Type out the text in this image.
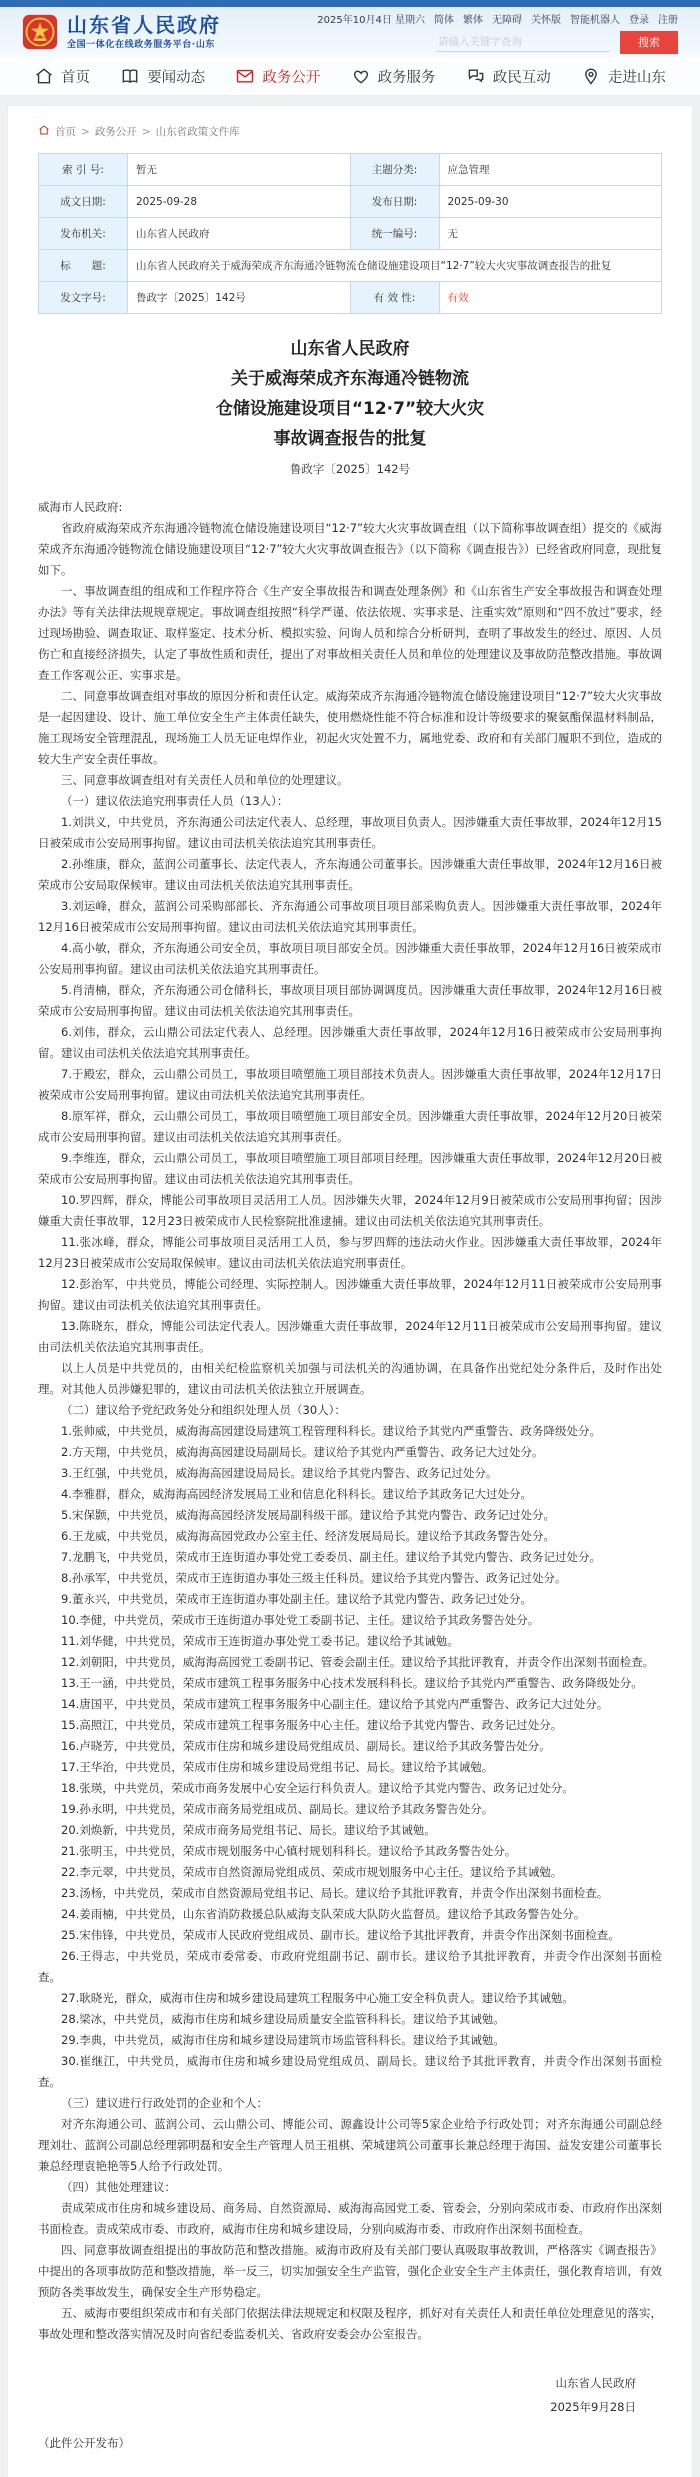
山东省人民政府
全国一体化在线政务服务平台·山东
2025年10月4日 星期六 简体 繁体 无障碍 关怀版 智能机器人 登录 注册
请输入关键字查询
搜索
首页	要闻动态	政务公开	政务服务	政民互动	走进山东
首页 > 政务公开 > 山东省政策文件库
索 引 号:	暂无	主题分类:	应急管理
成文日期:	2025-09-28	发布日期:	2025-09-30
发布机关:	山东省人民政府	统一编号:	无
标　　题:	山东省人民政府关于威海荣成齐东海通冷链物流仓储设施建设项目“12·7”较大火灾事故调查报告的批复		
发文字号:	鲁政字〔2025〕142号	有 效 性:	有效
山东省人民政府
关于威海荣成齐东海通冷链物流
仓储设施建设项目“12·7”较大火灾
事故调查报告的批复
鲁政字〔2025〕142号

威海市人民政府:

省政府威海荣成齐东海通冷链物流仓储设施建设项目“12·7”较大火灾事故调查组（以下简称事故调查组）提交的《威海荣成齐东海通冷链物流仓储设施建设项目“12·7”较大火灾事故调查报告》（以下简称《调查报告》）已经省政府同意，现批复如下。

一、事故调查组的组成和工作程序符合《生产安全事故报告和调查处理条例》和《山东省生产安全事故报告和调查处理办法》等有关法律法规规章规定。事故调查组按照“科学严谨、依法依规、实事求是、注重实效”原则和“四不放过”要求，经过现场勘验、调查取证、取样鉴定、技术分析、模拟实验、问询人员和综合分析研判，查明了事故发生的经过、原因、人员伤亡和直接经济损失，认定了事故性质和责任，提出了对事故相关责任人员和单位的处理建议及事故防范整改措施。事故调查工作客观公正、实事求是。

二、同意事故调查组对事故的原因分析和责任认定。威海荣成齐东海通冷链物流仓储设施建设项目“12·7”较大火灾事故是一起因建设、设计、施工单位安全生产主体责任缺失，使用燃烧性能不符合标准和设计等级要求的聚氨酯保温材料制品，施工现场安全管理混乱，现场施工人员无证电焊作业，初起火灾处置不力，属地党委、政府和有关部门履职不到位，造成的较大生产安全责任事故。

三、同意事故调查组对有关责任人员和单位的处理建议。

（一）建议依法追究刑事责任人员（13人）：

1.刘洪义，中共党员，齐东海通公司法定代表人、总经理，事故项目负责人。因涉嫌重大责任事故罪，2024年12月15日被荣成市公安局刑事拘留。建议由司法机关依法追究其刑事责任。

2.孙维康，群众，蓝润公司董事长、法定代表人，齐东海通公司董事长。因涉嫌重大责任事故罪，2024年12月16日被荣成市公安局取保候审。建议由司法机关依法追究其刑事责任。

3.刘运峰，群众，蓝润公司采购部部长、齐东海通公司事故项目项目部采购负责人。因涉嫌重大责任事故罪，2024年12月16日被荣成市公安局刑事拘留。建议由司法机关依法追究其刑事责任。

4.高小敏，群众，齐东海通公司安全员，事故项目项目部安全员。因涉嫌重大责任事故罪，2024年12月16日被荣成市公安局刑事拘留。建议由司法机关依法追究其刑事责任。

5.肖清楠，群众，齐东海通公司仓储科长，事故项目项目部协调调度员。因涉嫌重大责任事故罪，2024年12月16日被荣成市公安局刑事拘留。建议由司法机关依法追究其刑事责任。

6.刘伟，群众，云山鼎公司法定代表人、总经理。因涉嫌重大责任事故罪，2024年12月16日被荣成市公安局刑事拘留。建议由司法机关依法追究其刑事责任。

7.于殿宏，群众，云山鼎公司员工，事故项目喷塑施工项目部技术负责人。因涉嫌重大责任事故罪，2024年12月17日被荣成市公安局刑事拘留。建议由司法机关依法追究其刑事责任。

8.原军祥，群众，云山鼎公司员工，事故项目喷塑施工项目部安全员。因涉嫌重大责任事故罪，2024年12月20日被荣成市公安局刑事拘留。建议由司法机关依法追究其刑事责任。

9.李维连，群众，云山鼎公司员工，事故项目喷塑施工项目部项目经理。因涉嫌重大责任事故罪，2024年12月20日被荣成市公安局刑事拘留。建议由司法机关依法追究其刑事责任。

10.罗四辉，群众，博能公司事故项目灵活用工人员。因涉嫌失火罪，2024年12月9日被荣成市公安局刑事拘留；因涉嫌重大责任事故罪，12月23日被荣成市人民检察院批准逮捕。建议由司法机关依法追究其刑事责任。

11.张冰峰，群众，博能公司事故项目灵活用工人员，参与罗四辉的违法动火作业。因涉嫌重大责任事故罪，2024年12月23日被荣成市公安局取保候审。建议由司法机关依法追究刑事责任。

12.彭治军，中共党员，博能公司经理、实际控制人。因涉嫌重大责任事故罪，2024年12月11日被荣成市公安局刑事拘留。建议由司法机关依法追究其刑事责任。

13.陈晓东，群众，博能公司法定代表人。因涉嫌重大责任事故罪，2024年12月11日被荣成市公安局刑事拘留。建议由司法机关依法追究其刑事责任。

以上人员是中共党员的，由相关纪检监察机关加强与司法机关的沟通协调，在具备作出党纪处分条件后，及时作出处理。对其他人员涉嫌犯罪的，建议由司法机关依法独立开展调查。

（二）建议给予党纪政务处分和组织处理人员（30人）：

1.张帅威，中共党员，威海海高园建设局建筑工程管理科科长。建议给予其党内严重警告、政务降级处分。

2.方天翔，中共党员，威海海高园建设局副局长。建议给予其党内严重警告、政务记大过处分。

3.王红强，中共党员，威海海高园建设局局长。建议给予其党内警告、政务记过处分。

4.李雅群，群众，威海海高园经济发展局工业和信息化科科长。建议给予其政务记大过处分。

5.宋保颢，中共党员，威海海高园经济发展局副科级干部。建议给予其党内警告、政务记过处分。

6.王龙威，中共党员，威海海高园党政办公室主任、经济发展局局长。建议给予其政务警告处分。

7.龙鹏飞，中共党员，荣成市王连街道办事处党工委委员、副主任。建议给予其党内警告、政务记过处分。

8.孙承军，中共党员，荣成市王连街道办事处三级主任科员。建议给予其党内警告、政务记过处分。

9.董永兴，中共党员，荣成市王连街道办事处副主任。建议给予其党内警告、政务记过处分。

10.李健，中共党员，荣成市王连街道办事处党工委副书记、主任。建议给予其政务警告处分。

11.刘华健，中共党员，荣成市王连街道办事处党工委书记。建议给予其诫勉。

12.刘朝阳，中共党员，威海海高园党工委副书记、管委会副主任。建议给予其批评教育，并责令作出深刻书面检查。

13.王一涵，中共党员，荣成市建筑工程事务服务中心技术发展科科长。建议给予其党内严重警告、政务降级处分。

14.唐国平，中共党员，荣成市建筑工程事务服务中心副主任。建议给予其党内严重警告、政务记大过处分。

15.高照江，中共党员，荣成市建筑工程事务服务中心主任。建议给予其党内警告、政务记过处分。

16.卢晓芳，中共党员，荣成市住房和城乡建设局党组成员、副局长。建议给予其政务警告处分。

17.王华治，中共党员，荣成市住房和城乡建设局党组书记、局长。建议给予其诫勉。

18.张瑛，中共党员，荣成市商务发展中心安全运行科负责人。建议给予其党内警告、政务记过处分。

19.孙永明，中共党员，荣成市商务局党组成员、副局长。建议给予其政务警告处分。

20.刘焕新，中共党员，荣成市商务局党组书记、局长。建议给予其诫勉。

21.张明玉，中共党员，荣成市规划服务中心镇村规划科科长。建议给予其政务警告处分。

22.李元翠，中共党员，荣成市自然资源局党组成员、荣成市规划服务中心主任。建议给予其诫勉。

23.汤杨，中共党员，荣成市自然资源局党组书记、局长。建议给予其批评教育，并责令作出深刻书面检查。

24.姜雨楠，中共党员，山东省消防救援总队威海支队荣成大队防火监督员。建议给予其政务警告处分。

25.宋伟锋，中共党员，荣成市人民政府党组成员、副市长。建议给予其批评教育，并责令作出深刻书面检查。

26.王得志，中共党员，荣成市委常委、市政府党组副书记、副市长。建议给予其批评教育，并责令作出深刻书面检查。

27.耿晓光，群众，威海市住房和城乡建设局建筑工程服务中心施工安全科负责人。建议给予其诫勉。

28.梁冰，中共党员，威海市住房和城乡建设局质量安全监管科科长。建议给予其诫勉。

29.李典，中共党员，威海市住房和城乡建设局建筑市场监管科科长。建议给予其诫勉。

30.崔继江，中共党员，威海市住房和城乡建设局党组成员、副局长。建议给予其批评教育，并责令作出深刻书面检查。

（三）建议进行行政处罚的企业和个人：

对齐东海通公司、蓝润公司、云山鼎公司、博能公司、源鑫设计公司等5家企业给予行政处罚；对齐东海通公司副总经理刘壮、蓝润公司副总经理郭明磊和安全生产管理人员王祖棋、荣城建筑公司董事长兼总经理于海国、益发安建公司董事长兼总经理袁艳艳等5人给予行政处罚。

（四）其他处理建议：

责成荣成市住房和城乡建设局、商务局、自然资源局、威海海高园党工委、管委会，分别向荣成市委、市政府作出深刻书面检查。责成荣成市委、市政府，威海市住房和城乡建设局，分别向威海市委、市政府作出深刻书面检查。

四、同意事故调查组提出的事故防范和整改措施。威海市政府及有关部门要认真吸取事故教训，严格落实《调查报告》中提出的各项事故防范和整改措施，举一反三，切实加强安全生产监管，强化企业安全生产主体责任，强化教育培训，有效预防各类事故发生，确保安全生产形势稳定。

五、威海市要组织荣成市和有关部门依据法律法规规定和权限及程序，抓好对有关责任人和责任单位处理意见的落实，事故处理和整改落实情况及时向省纪委监委机关、省政府安委会办公室报告。

山东省人民政府
2025年9月28日
（此件公开发布）
